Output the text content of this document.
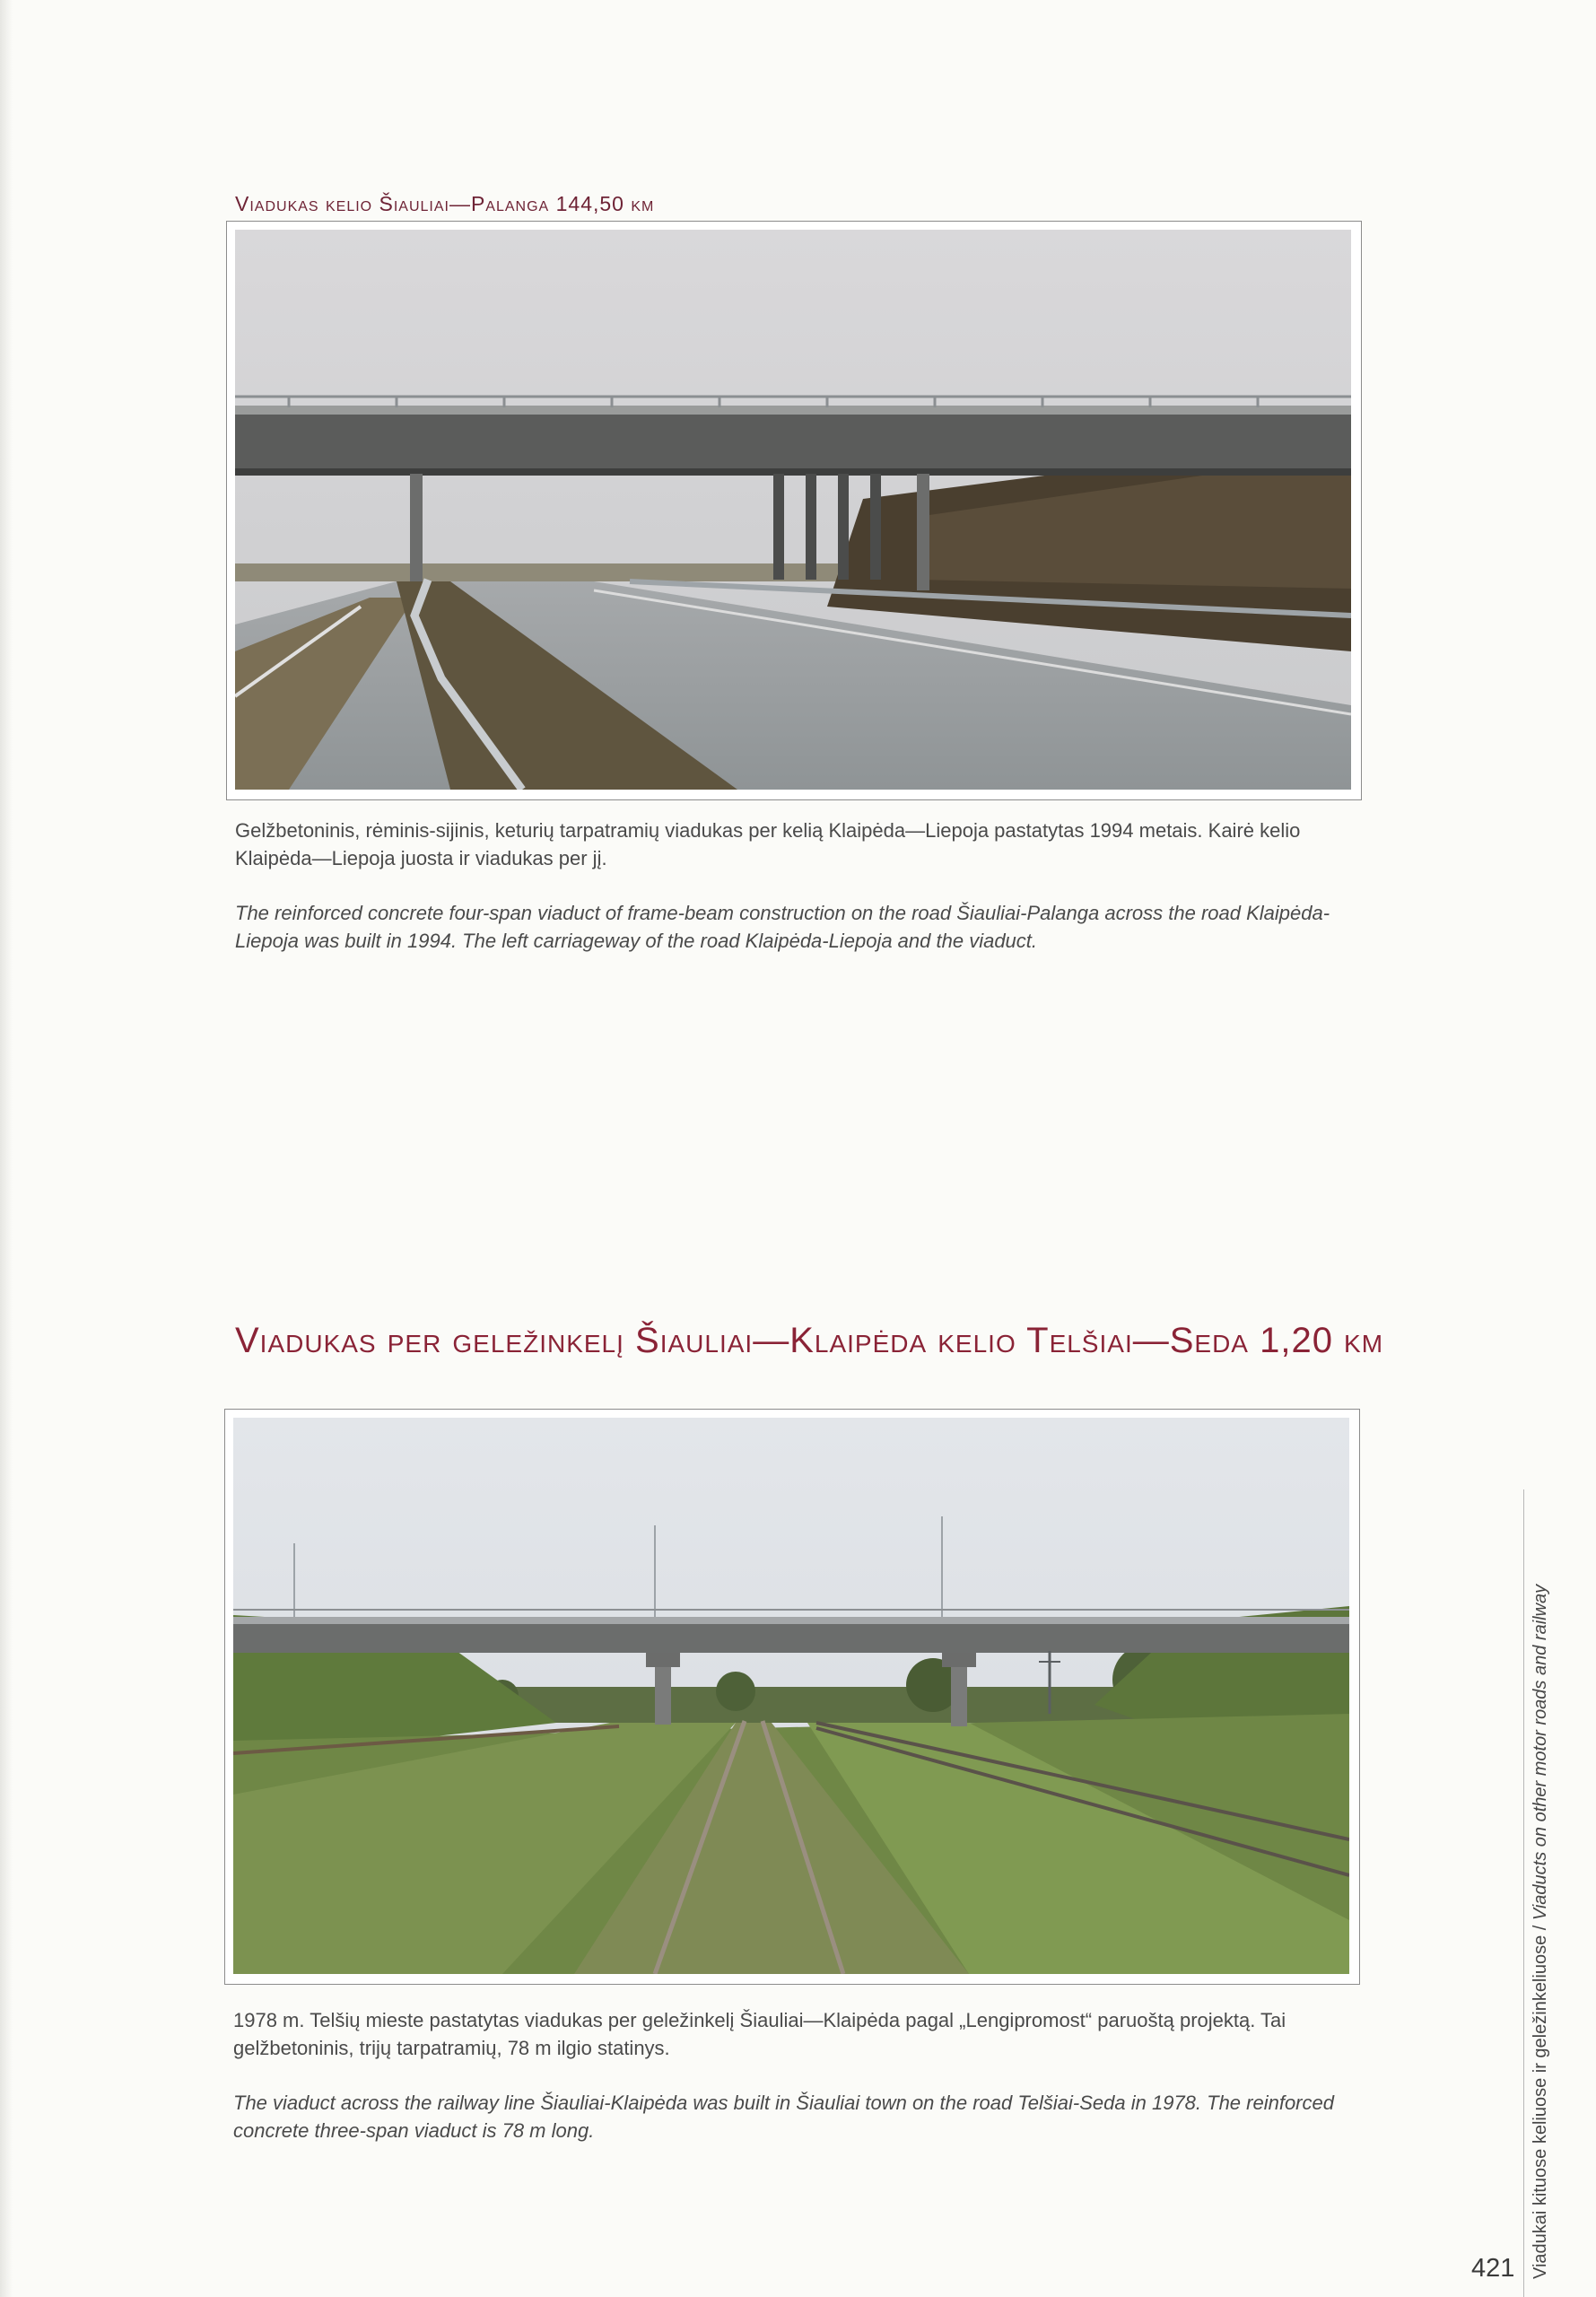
Viadukas kelio Šiauliai—Palanga 144,50 km
Gelžbetoninis, rėminis-sijinis, keturių tarpatramių viadukas per kelią Klaipėda—Liepoja pastatytas 1994 metais. Kairė kelio Klaipėda—Liepoja juosta ir viadukas per jį.
The reinforced concrete four-span viaduct of frame-beam construction on the road Šiauliai-Palanga across the road Klaipėda-Liepoja was built in 1994. The left carriageway of the road Klaipėda-Liepoja and the viaduct.
Viadukas per geležinkelį Šiauliai—Klaipėda kelio Telšiai—Seda 1,20 km
1978 m. Telšių mieste pastatytas viadukas per geležinkelį Šiauliai—Klaipėda pagal „Lengipromost“ paruoštą projektą. Tai gelžbetoninis, trijų tarpatramių, 78 m ilgio statinys.
The viaduct across the railway line Šiauliai-Klaipėda was built in Šiauliai town on the road Telšiai-Seda in 1978. The reinforced concrete three-span viaduct is 78 m long.	Viadukai kituose keliuose ir geležinkeliuose / Viaducts on other motor roads and railway
421
